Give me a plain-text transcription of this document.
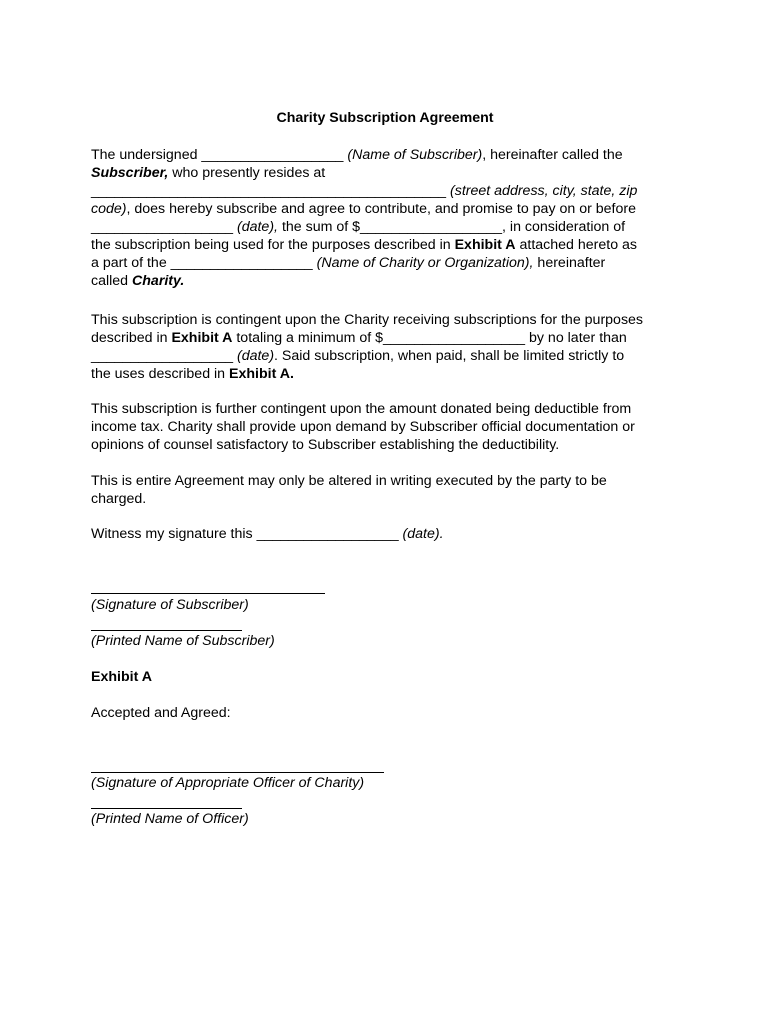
Charity Subscription Agreement
The undersigned __________________ (Name of Subscriber), hereinafter called the
Subscriber, who presently resides at
_____________________________________________ (street address, city, state, zip
code), does hereby subscribe and agree to contribute, and promise to pay on or before
__________________ (date), the sum of $__________________, in consideration of
the subscription being used for the purposes described in Exhibit A attached hereto as
a part of the __________________ (Name of Charity or Organization), hereinafter
called Charity.
This subscription is contingent upon the Charity receiving subscriptions for the purposes
described in Exhibit A totaling a minimum of $__________________ by no later than
__________________ (date). Said subscription, when paid, shall be limited strictly to
the uses described in Exhibit A.
This subscription is further contingent upon the amount donated being deductible from
income tax. Charity shall provide upon demand by Subscriber official documentation or
opinions of counsel satisfactory to Subscriber establishing the deductibility.
This is entire Agreement may only be altered in writing executed by the party to be
charged.
Witness my signature this __________________ (date).
(Signature of Subscriber)
(Printed Name of Subscriber)
Exhibit A
Accepted and Agreed:
(Signature of Appropriate Officer of Charity)
(Printed Name of Officer)
